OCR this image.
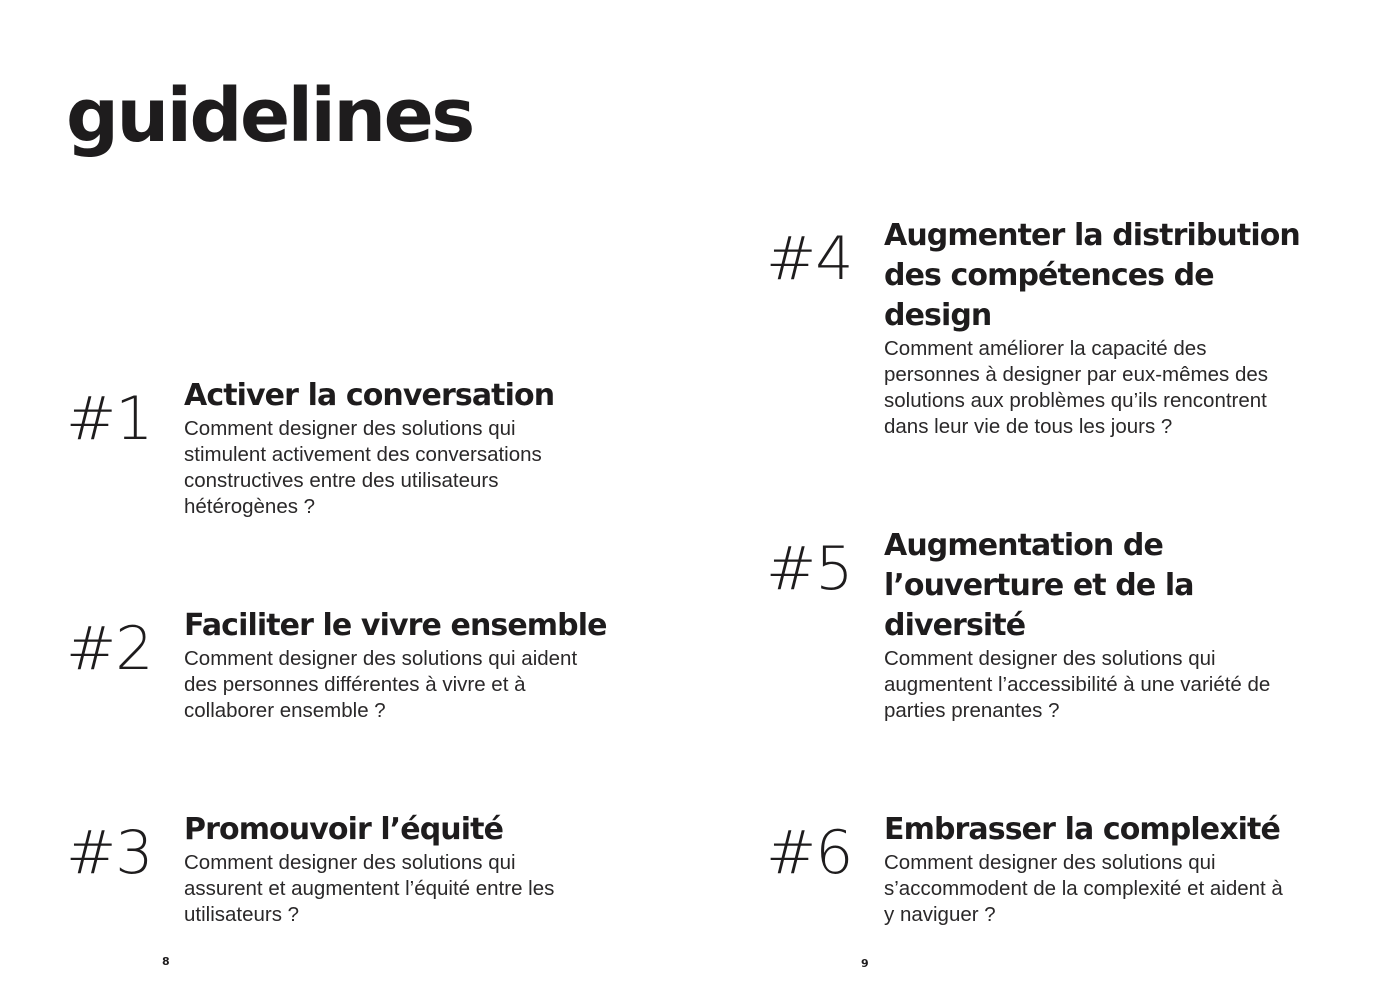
guidelines

#1 Activer la conversation

Comment designer des solutions qui
stimulent activement des conversations
constructives entre des utilisateurs
hétérogènes ?

#2 Faciliter le vivre ensemble

Comment designer des solutions qui aident
des personnes différentes à vivre et à
collaborer ensemble ?

#3 Promouvoir l’équité

Comment designer des solutions qui
assurent et augmentent l’équité entre les
utilisateurs ?

#4 Augmenter la distribution
des compétences de
design

Comment améliorer la capacité des
personnes à designer par eux-mêmes des
solutions aux problèmes qu’ils rencontrent
dans leur vie de tous les jours ?

#5 Augmentation de
l’ouverture et de la
diversité

Comment designer des solutions qui
augmentent l’accessibilité à une variété de
parties prenantes ?

#6 Embrasser la complexité

Comment designer des solutions qui
s’accommodent de la complexité et aident à
y naviguer ?

8	9
